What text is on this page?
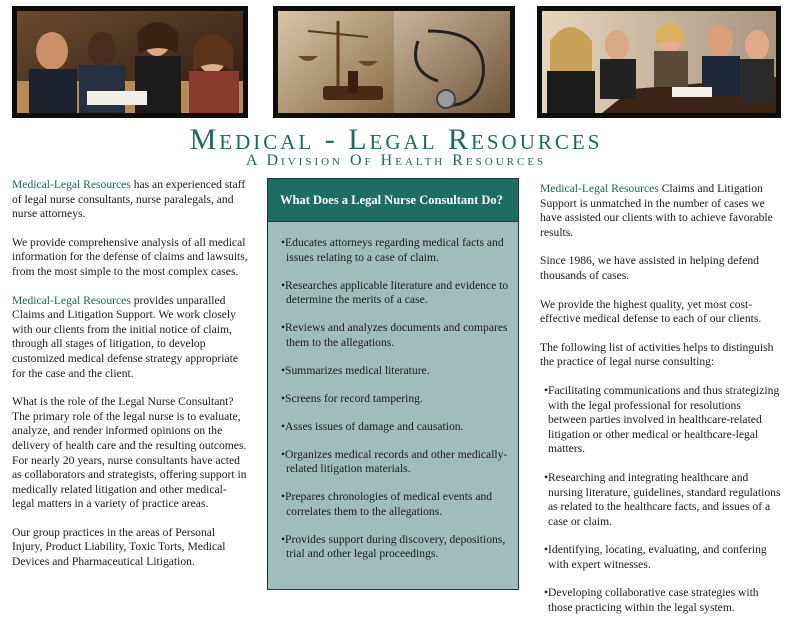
Medical - Legal Resources
A Division Of Health Resources

Medical-Legal Resources has an experienced staff of legal nurse consultants, nurse paralegals, and nurse attorneys.

We provide comprehensive analysis of all medical information for the defense of claims and lawsuits, from the most simple to the most complex cases.

Medical-Legal Resources provides unparalled Claims and Litigation Support. We work closely with our clients from the initial notice of claim, through all stages of litigation, to develop customized medical defense strategy appropriate for the case and the client.

What is the role of the Legal Nurse Consultant? The primary role of the legal nurse is to evaluate, analyze, and render informed opinions on the delivery of health care and the resulting outcomes. For nearly 20 years, nurse consultants have acted as collaborators and strategists, offering support in medically related litigation and other medical-legal matters in a variety of practice areas.

Our group practices in the areas of Personal Injury, Product Liability, Toxic Torts, Medical Devices and Pharmaceutical Litigation.

What Does a Legal Nurse Consultant Do?
•Educates attorneys regarding medical facts and issues relating to a case of claim.
•Researches applicable literature and evidence to determine the merits of a case.
•Reviews and analyzes documents and compares them to the allegations.
•Summarizes medical literature.
•Screens for record tampering.
•Asses issues of damage and causation.
•Organizes medical records and other medically-related litigation materials.
•Prepares chronologies of medical events and correlates them to the allegations.
•Provides support during discovery, depositions, trial and other legal proceedings.

Medical-Legal Resources Claims and Litigation Support is unmatched in the number of cases we have assisted our clients with to achieve favorable results.

Since 1986, we have assisted in helping defend thousands of cases.

We provide the highest quality, yet most cost-effective medical defense to each of our clients.

The following list of activities helps to distinguish the practice of legal nurse consulting:

•Facilitating communications and thus strategizing with the legal professional for resolutions between parties involved in healthcare-related litigation or other medical or healthcare-legal matters.
•Researching and integrating healthcare and nursing literature, guidelines, standard regulations as related to the healthcare facts, and issues of a case or claim.
•Identifying, locating, evaluating, and confering with expert witnesses.
•Developing collaborative case strategies with those practicing within the legal system.
